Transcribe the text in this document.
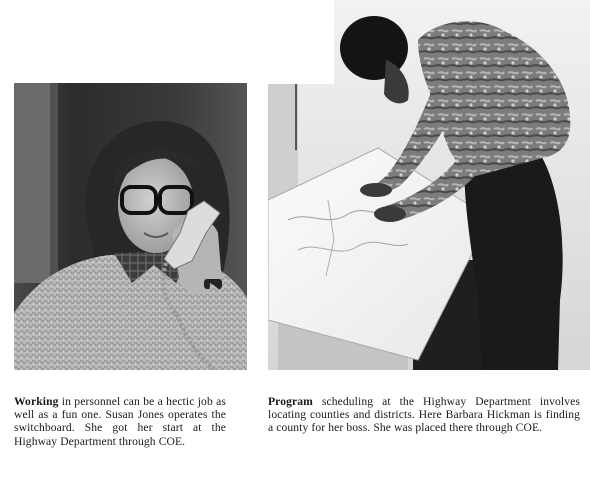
Working in personnel can be a hectic job as well as a fun one. Susan Jones operates the switchboard. She got her start at the Highway Department through COE.

Program scheduling at the Highway Department involves locating counties and districts. Here Barbara Hickman is finding a county for her boss. She was placed there through COE.
